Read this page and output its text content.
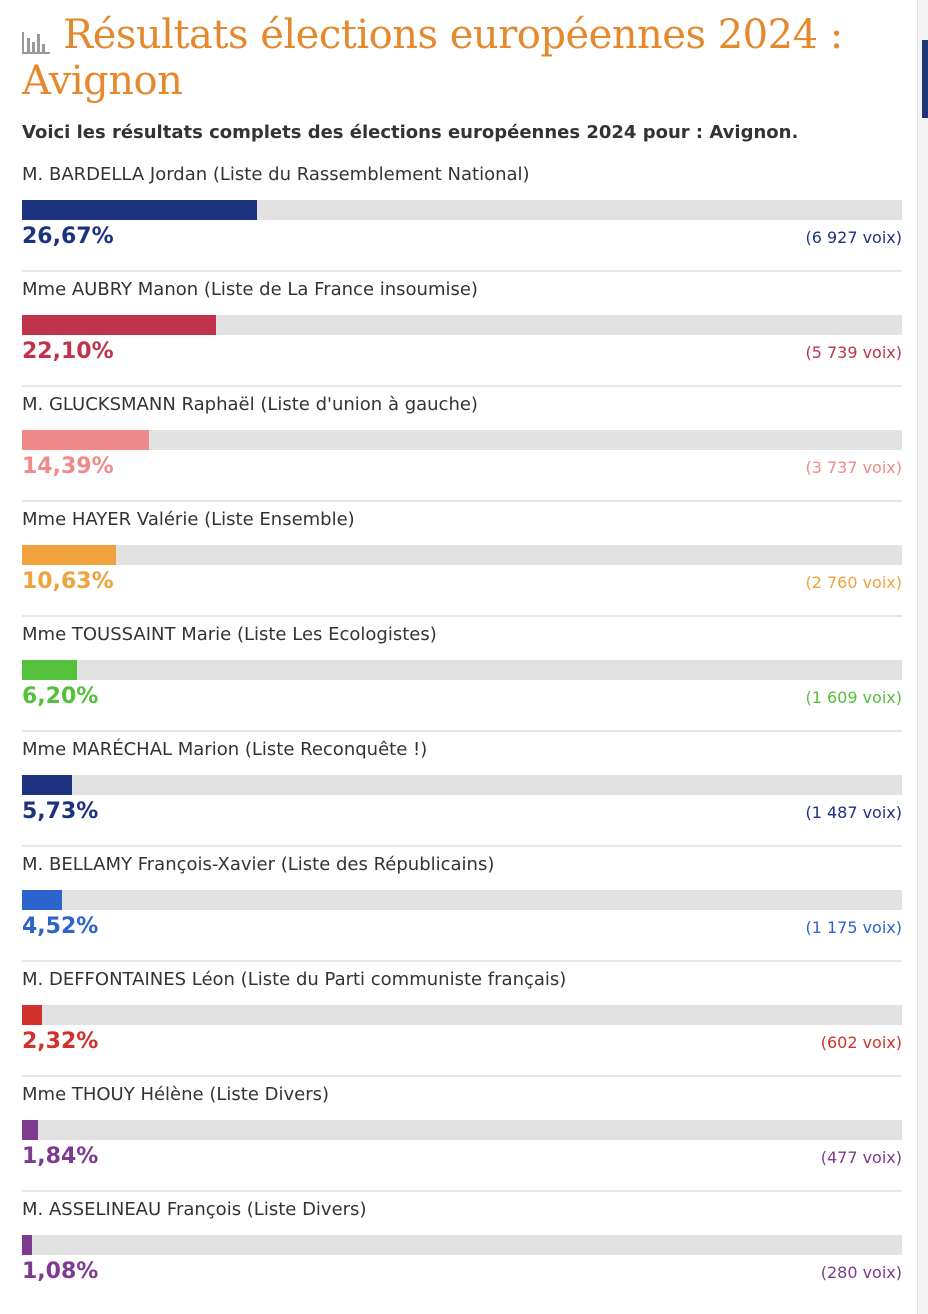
Résultats élections européennes 2024 : Avignon

Voici les résultats complets des élections européennes 2024 pour : Avignon.

M. BARDELLA Jordan (Liste du Rassemblement National)
26,67%	(6 927 voix)
Mme AUBRY Manon (Liste de La France insoumise)
22,10%	(5 739 voix)
M. GLUCKSMANN Raphaël (Liste d'union à gauche)
14,39%	(3 737 voix)
Mme HAYER Valérie (Liste Ensemble)
10,63%	(2 760 voix)
Mme TOUSSAINT Marie (Liste Les Ecologistes)
6,20%	(1 609 voix)
Mme MARÉCHAL Marion (Liste Reconquête !)
5,73%	(1 487 voix)
M. BELLAMY François-Xavier (Liste des Républicains)
4,52%	(1 175 voix)
M. DEFFONTAINES Léon (Liste du Parti communiste français)
2,32%	(602 voix)
Mme THOUY Hélène (Liste Divers)
1,84%	(477 voix)
M. ASSELINEAU François (Liste Divers)
1,08%	(280 voix)
